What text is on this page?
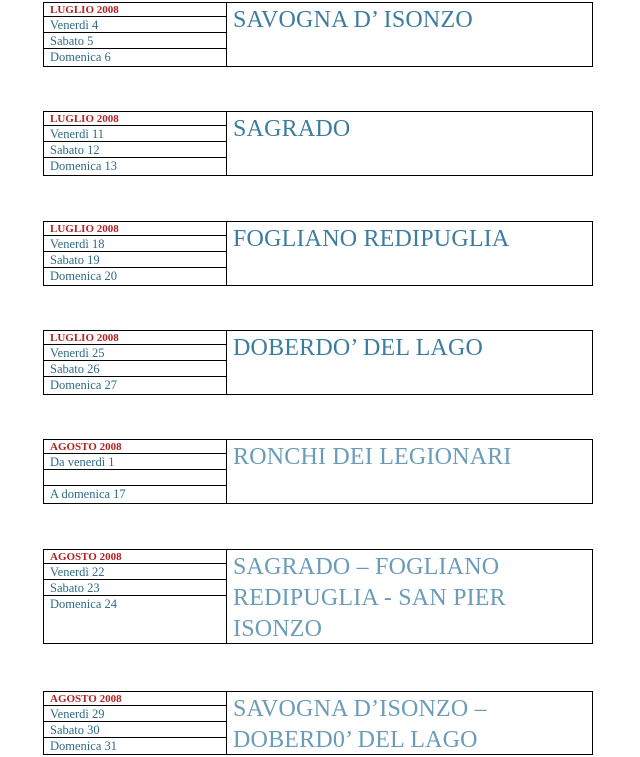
LUGLIO 2008
Venerdì 4
Sabato 5
Domenica 6
SAVOGNA D’ ISONZO
LUGLIO 2008
Venerdì 11
Sabato 12
Domenica 13
SAGRADO
LUGLIO 2008
Venerdì 18
Sabato 19
Domenica 20
FOGLIANO REDIPUGLIA
LUGLIO 2008
Venerdì 25
Sabato 26
Domenica 27
DOBERDO’ DEL LAGO
AGOSTO 2008
Da venerdì 1
A domenica 17
RONCHI DEI LEGIONARI
AGOSTO 2008
Venerdì 22
Sabato 23
Domenica 24
SAGRADO – FOGLIANO REDIPUGLIA - SAN PIER ISONZO
AGOSTO 2008
Venerdì 29
Sabato 30
Domenica 31
SAVOGNA D’ISONZO – DOBERD0’ DEL LAGO
